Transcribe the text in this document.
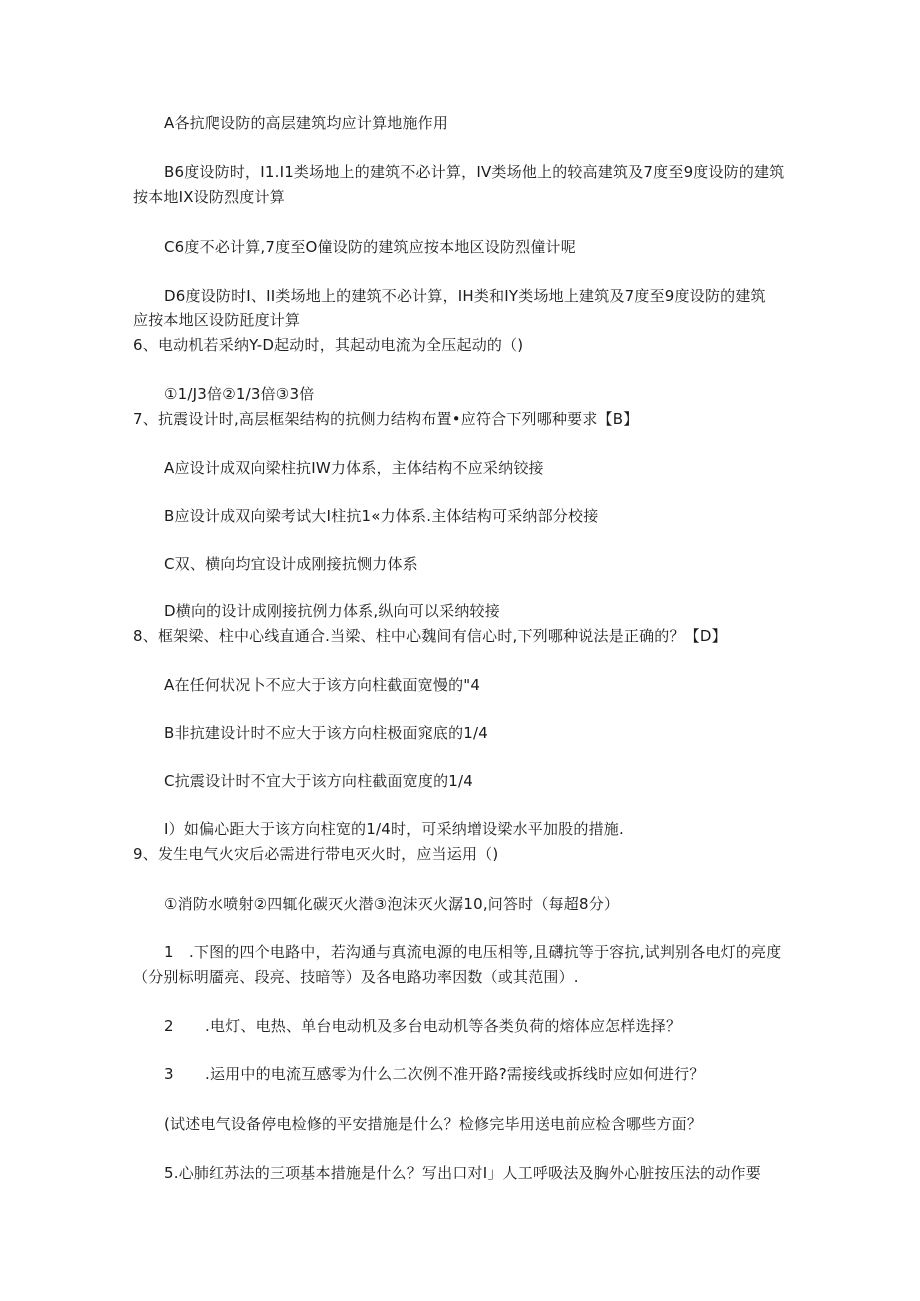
A各抗爬设防的高层建筑均应计算地施作用
B6度设防时，I1.I1类场地上的建筑不必计算，IV类场他上的较高建筑及7度至9度设防的建筑
按本地IX设防烈度计算
C6度不必计算,7度至O僮设防的建筑应按本地区设防烈僮计呢
D6度设防时I、II类场地上的建筑不必计算，IH类和IY类场地上建筑及7度至9度设防的建筑
应按本地区设防瓩度计算
6、电动机若采纳Y-D起动时，其起动电流为全压起动的（)
①1/J3倍②1/3倍③3倍
7、抗震设计时,高层框架结构的抗侧力结构布置•应符合下列哪种要求【B】
A应设计成双向梁柱抗IW力体系，主体结构不应采纳铰接
B应设计成双向梁考试大I柱抗1«力体系.主体结构可采纳部分校接
C双、横向均宜设计成刚接抗恻力体系
D横向的设计成刚接抗例力体系,纵向可以采纳较接
8、框架梁、柱中心线直通合.当梁、柱中心魏间有信心时,下列哪种说法是正确的？【D】
A在任何状况卜不应大于该方向柱截面宽慢的"4
B非抗建设计时不应大于该方向柱极面窕底的1/4
C抗震设计时不宜大于该方向柱截面宽度的1/4
I）如偏心距大于该方向柱宽的1/4时，可采纳增设梁水平加股的措施.
9、发生电气火灾后必需进行带电灭火时，应当运用（)
①消防水喷射②四辄化碳灭火潜③泡沫灭火潺10,问答时（每超8分）
1　.下图的四个电路中，若沟通与真流电源的电压相等,且礴抗等于容抗,试判别各电灯的亮度
（分别标明靥亮、段亮、技暗等）及各电路功率因数（或其范围）.
2 .电灯、电热、单台电动机及多台电动机等各类负荷的熔体应怎样选择？
3 .运用中的电流互感零为什么二次例不准开路?需接线或拆线时应如何进行？
(试述电气设备停电检修的平安措施是什么？检修完毕用送电前应检含哪些方面？
5.心肺红苏法的三项基本措施是什么？写出口对I」人工呼吸法及胸外心脏按压法的动作要
